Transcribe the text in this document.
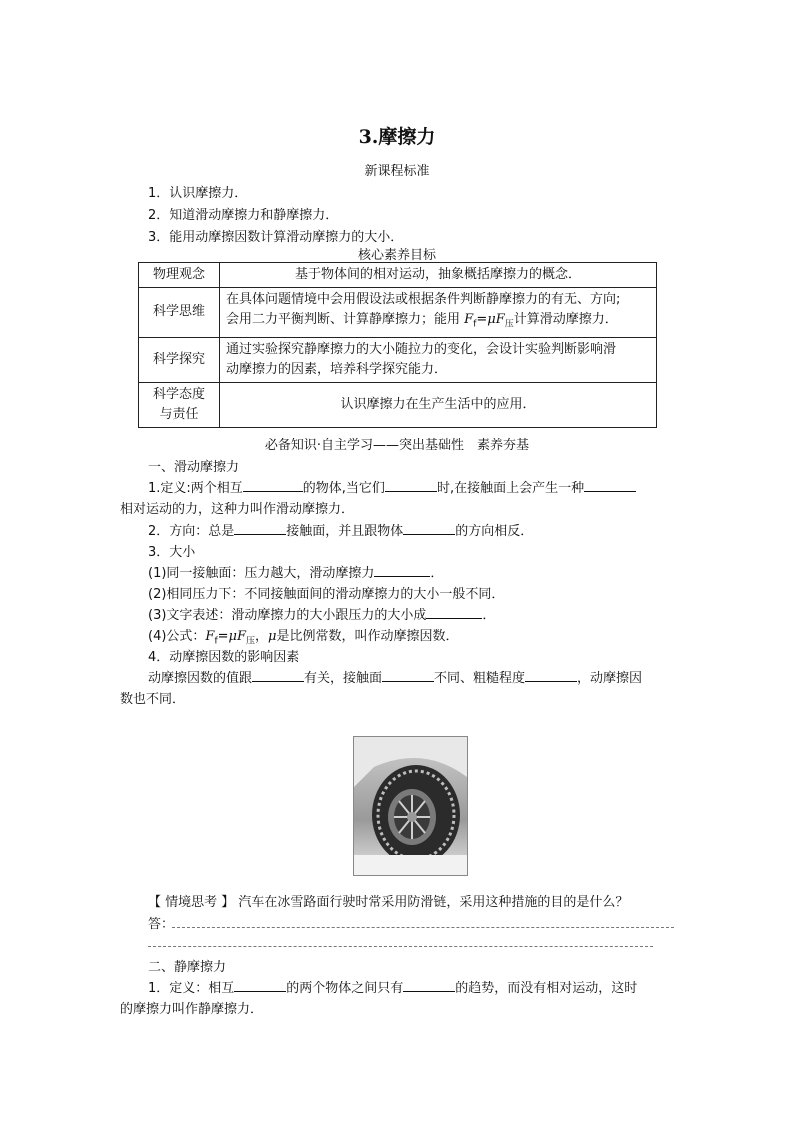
3.摩擦力
新课程标准
1．认识摩擦力．
2．知道滑动摩擦力和静摩擦力．
3．能用动摩擦因数计算滑动摩擦力的大小．
核心素养目标
物理观念	基于物体间的相对运动，抽象概括摩擦力的概念．
科学思维	在具体问题情境中会用假设法或根据条件判断静摩擦力的有无、方向;
会用二力平衡判断、计算静摩擦力；能用 $F_f=\mu F_压$计算滑动摩擦力．
科学探究	通过实验探究静摩擦力的大小随拉力的变化，会设计实验判断影响滑
动摩擦力的因素，培养科学探究能力．
科学态度
与责任	认识摩擦力在生产生活中的应用．
必备知识·自主学习——突出基础性　素养夯基
一、滑动摩擦力
1.定义:两个相互	的物体,当它们	时,在接触面上会产生一种
相对运动的力，这种力叫作滑动摩擦力．
2．方向：总是	接触面，并且跟物体	的方向相反．
3．大小
(1)同一接触面：压力越大，滑动摩擦力	．
(2)相同压力下：不同接触面间的滑动摩擦力的大小一般不同．
(3)文字表述：滑动摩擦力的大小跟压力的大小成	．
(4)公式：$F_f=\mu F_压$，μ是比例常数，叫作动摩擦因数．
4．动摩擦因数的影响因素
动摩擦因数的值跟	有关，接触面	不同、粗糙程度	，动摩擦因
数也不同．
【 情境思考 】 汽车在冰雪路面行驶时常采用防滑链，采用这种措施的目的是什么？
答：
二、静摩擦力
1．定义：相互	的两个物体之间只有	的趋势，而没有相对运动，这时
的摩擦力叫作静摩擦力．
